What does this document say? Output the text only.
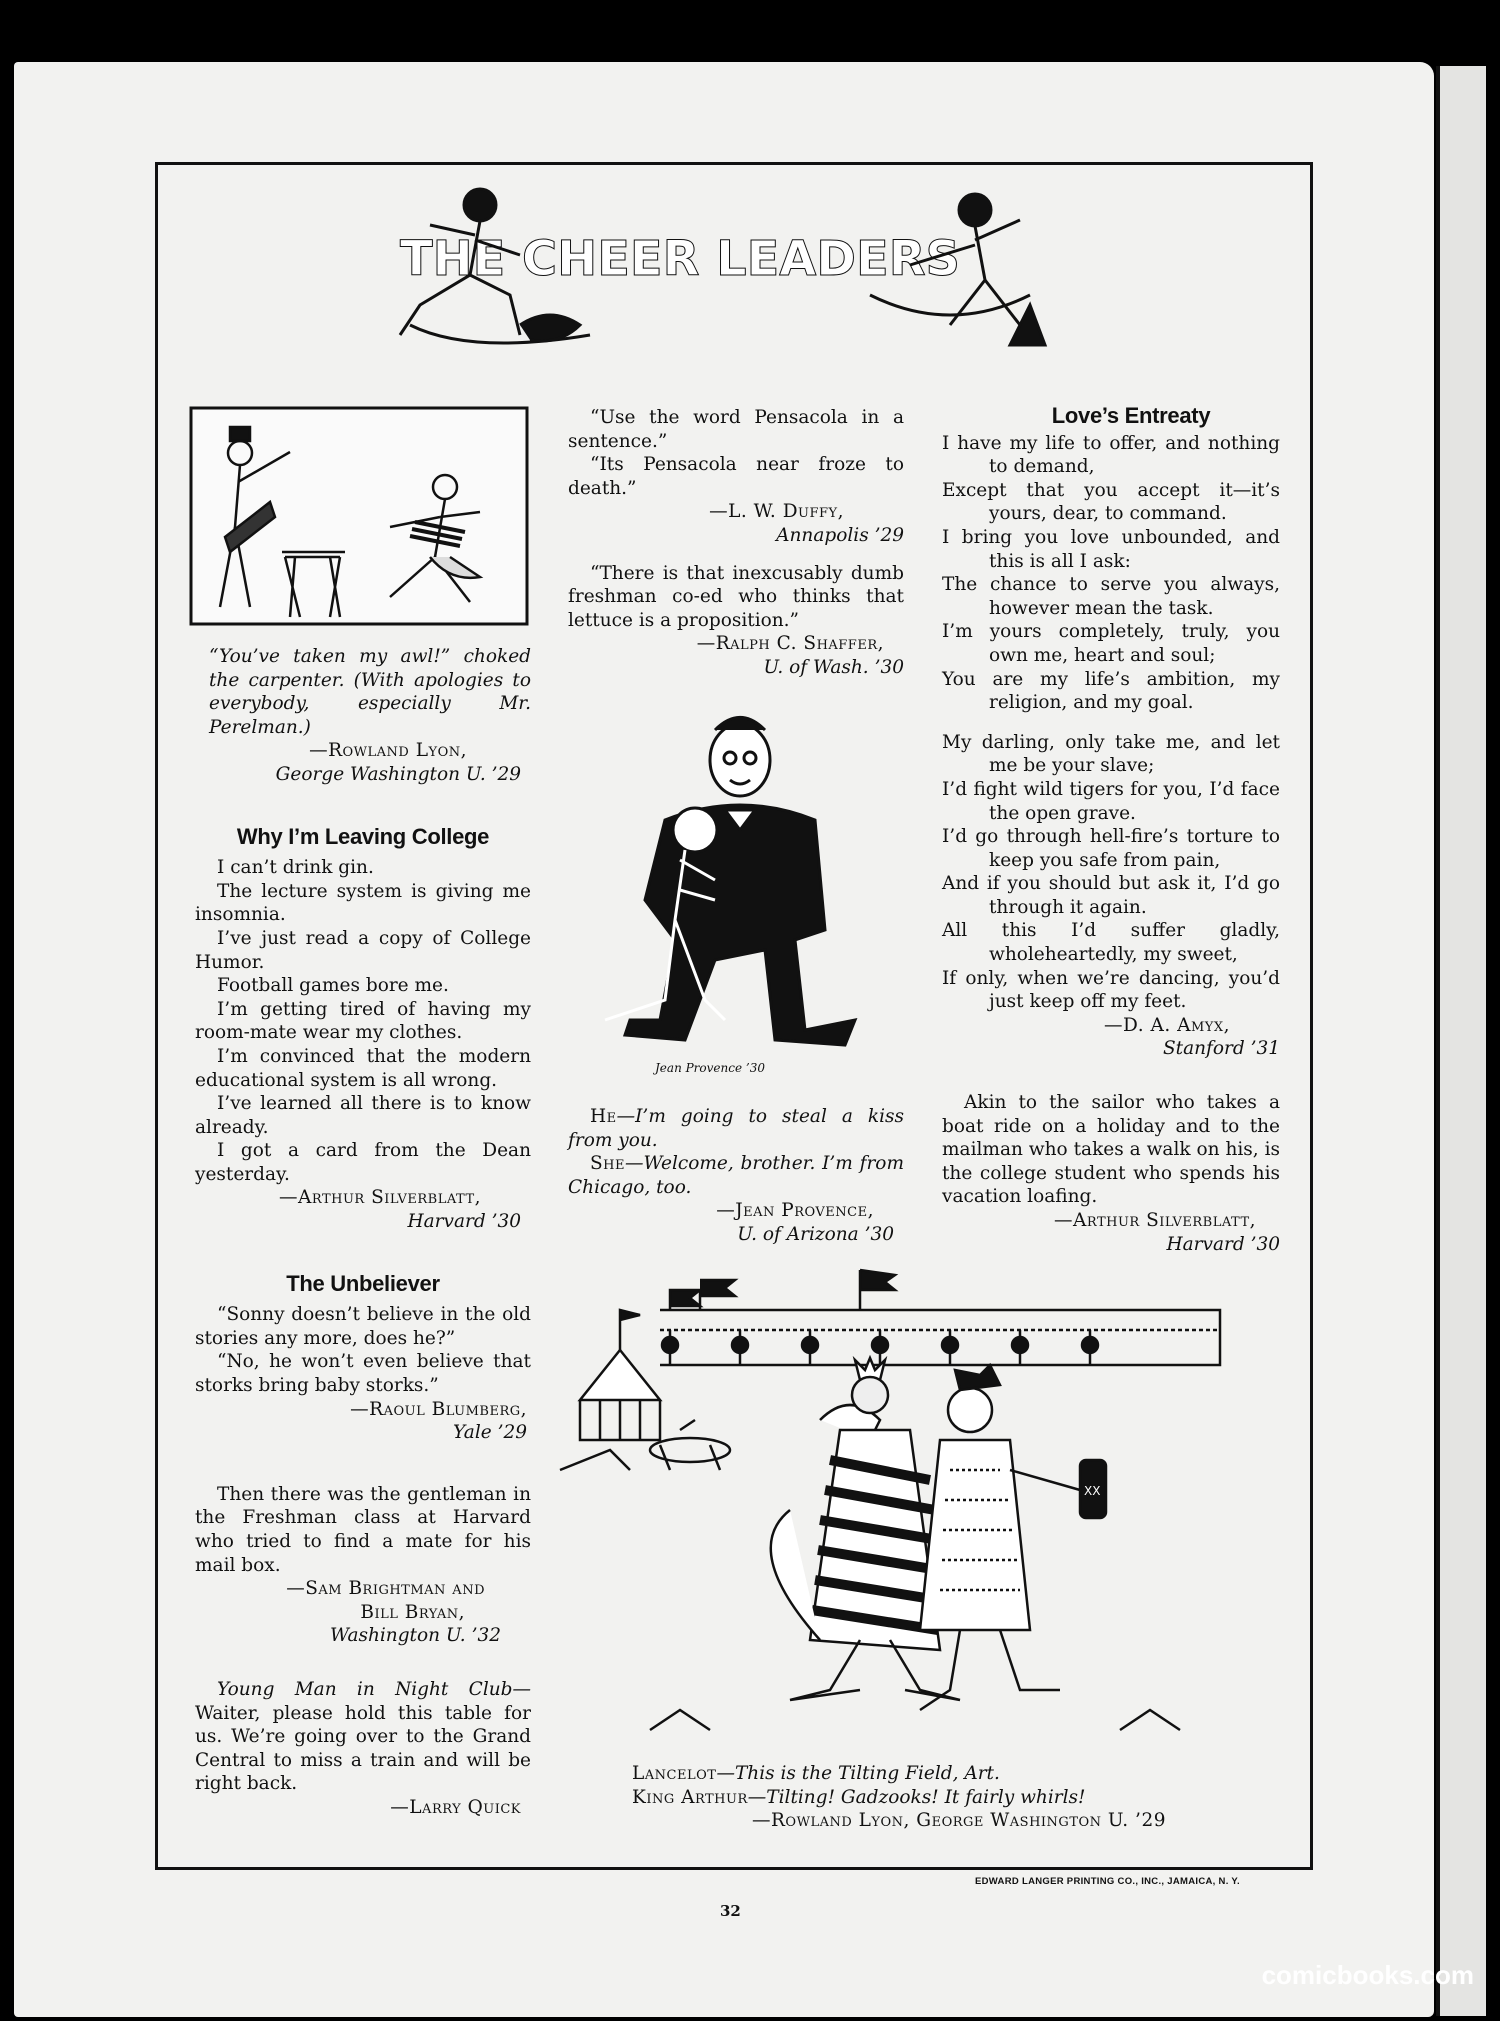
THE CHEER LEADERS

“You’ve taken my awl!” choked the carpenter. (With apologies to everybody, especially Mr. Perelman.)

—Rowland Lyon,

George Washington U. ’29

Why I’m Leaving College

I can’t drink gin.

The lecture system is giving me insomnia.

I’ve just read a copy of College Humor.

Football games bore me.

I’m getting tired of having my room-mate wear my clothes.

I’m convinced that the modern educational system is all wrong.

I’ve learned all there is to know already.

I got a card from the Dean yesterday.

—Arthur Silverblatt,

Harvard ’30

The Unbeliever

“Sonny doesn’t believe in the old stories any more, does he?”

“No, he won’t even believe that storks bring baby storks.”

—Raoul Blumberg,

Yale ’29

Then there was the gentleman in the Freshman class at Harvard who tried to find a mate for his mail box.

—Sam Brightman and

Bill Bryan,

Washington U. ’32

Young Man in Night Club— Waiter, please hold this table for us. We’re going over to the Grand Central to miss a train and will be right back.

—Larry Quick

“Use the word Pensacola in a sentence.”

“Its Pensacola near froze to death.”

—L. W. Duffy,

Annapolis ’29

“There is that inexcusably dumb freshman co-ed who thinks that lettuce is a proposition.”

—Ralph C. Shaffer,

U. of Wash. ’30

Jean Provence ’30

He—I’m going to steal a kiss from you.

She—Welcome, brother. I’m from Chicago, too.

—Jean Provence,

U. of Arizona ’30

Love’s Entreaty

I have my life to offer, and nothing to demand,

Except that you accept it—it’s yours, dear, to command.

I bring you love unbounded, and this is all I ask:

The chance to serve you always, however mean the task.

I’m yours completely, truly, you own me, heart and soul;

You are my life’s ambition, my religion, and my goal.

My darling, only take me, and let me be your slave;

I’d fight wild tigers for you, I’d face the open grave.

I’d go through hell-fire’s torture to keep you safe from pain,

And if you should but ask it, I’d go through it again.

All this I’d suffer gladly, wholeheartedly, my sweet,

If only, when we’re dancing, you’d just keep off my feet.

—D. A. Amyx,

Stanford ’31

Akin to the sailor who takes a boat ride on a holiday and to the mailman who takes a walk on his, is the college student who spends his vacation loafing.

—Arthur Silverblatt,

Harvard ’30

XX

Lancelot—This is the Tilting Field, Art.

King Arthur—Tilting! Gadzooks! It fairly whirls!

—Rowland Lyon, George Washington U. ’29

EDWARD LANGER PRINTING CO., INC., JAMAICA, N. Y.
32
comicbooks.com
